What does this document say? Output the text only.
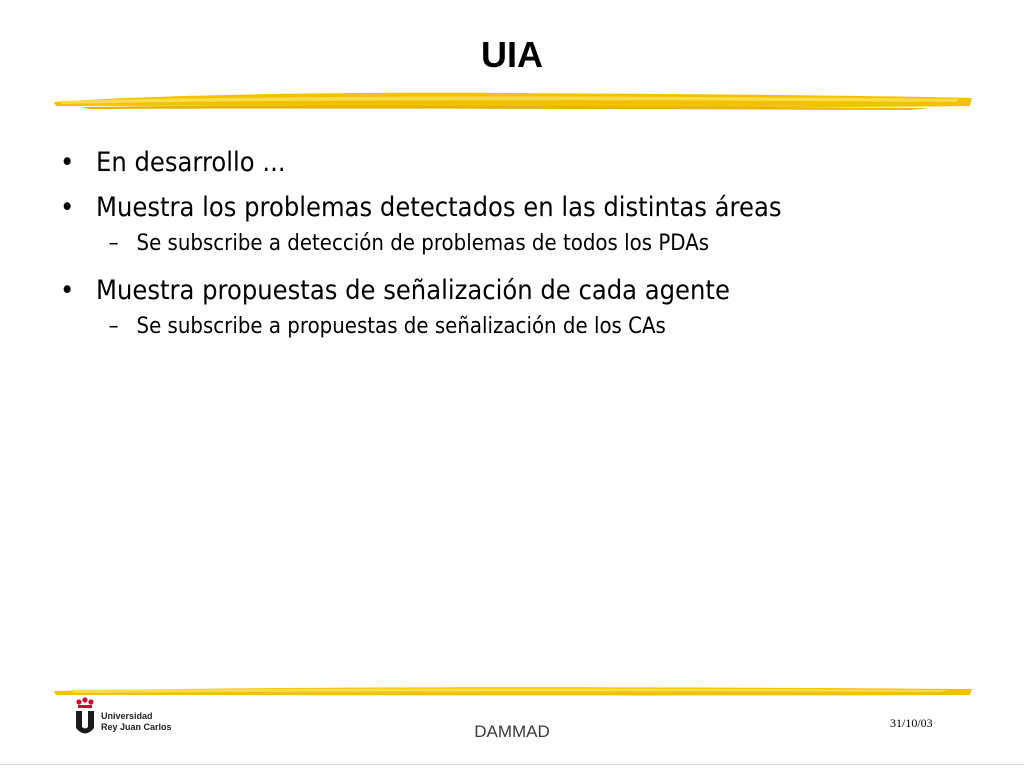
UIA
• En desarrollo ...
• Muestra los problemas detectados en las distintas áreas
– Se subscribe a detección de problemas de todos los PDAs
• Muestra propuestas de señalización de cada agente
– Se subscribe a propuestas de señalización de los CAs
Universidad
Rey Juan Carlos	DAMMAD	31/10/03
